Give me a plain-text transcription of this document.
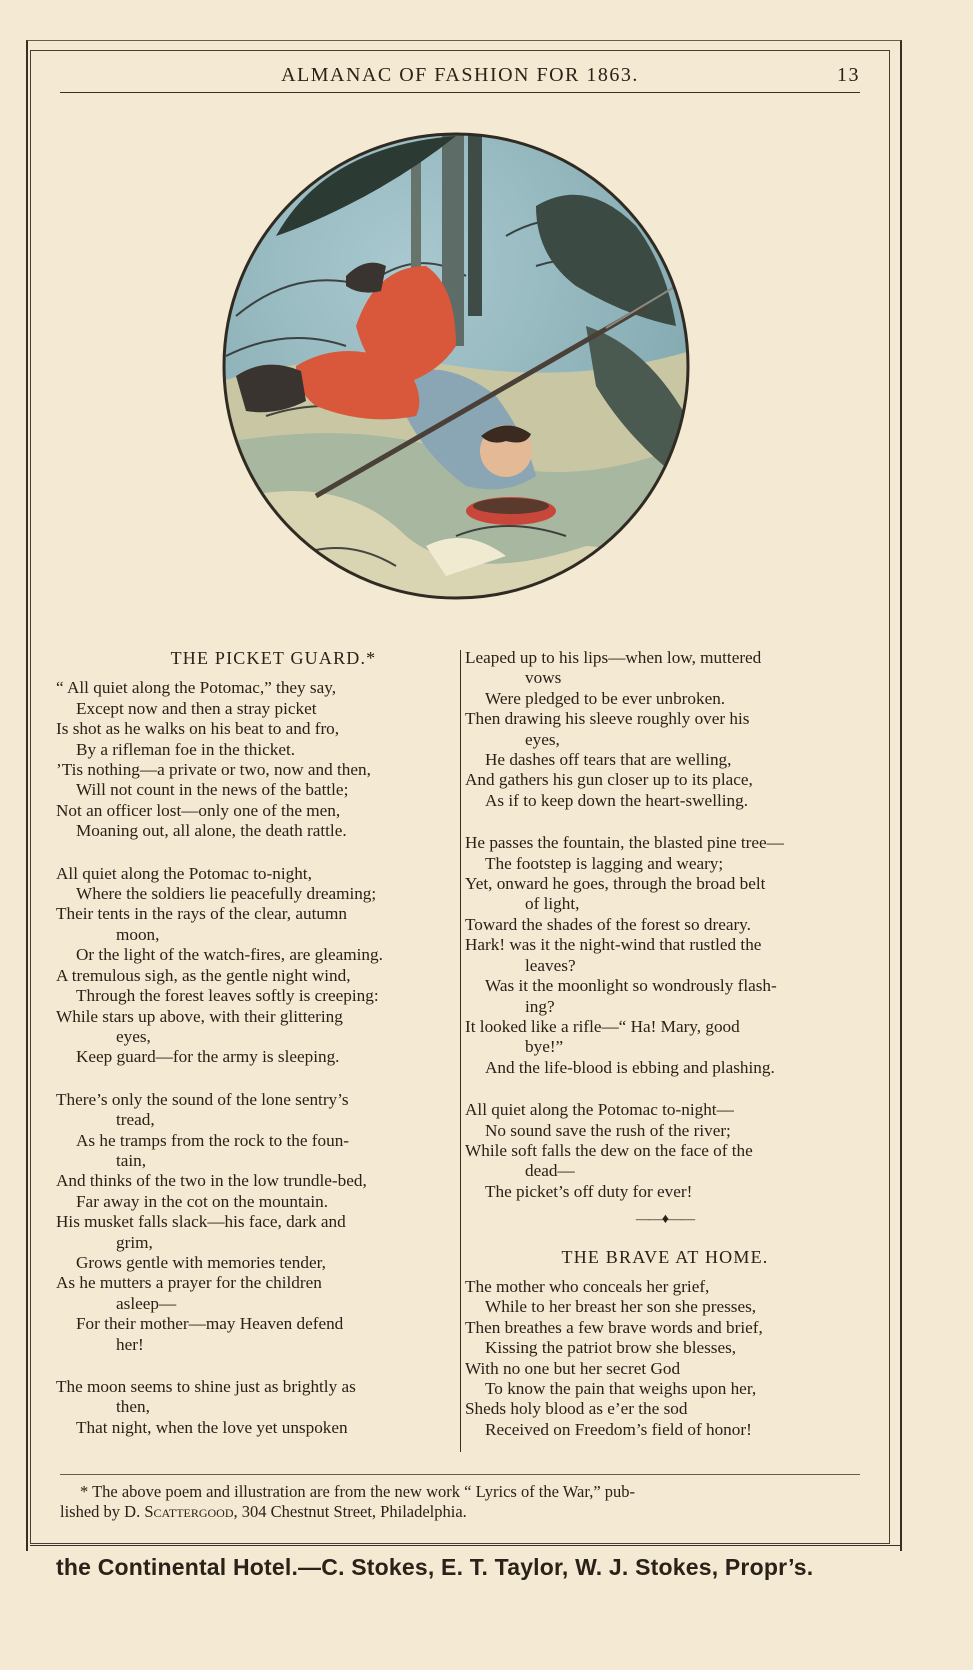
ALMANAC OF FASHION FOR 1863.	13
THE PICKET GUARD.*
“ All quiet along the Potomac,” they say,
Except now and then a stray picket
Is shot as he walks on his beat to and fro,
By a rifleman foe in the thicket.
’Tis nothing—a private or two, now and then,
Will not count in the news of the battle;
Not an officer lost—only one of the men,
Moaning out, all alone, the death rattle.
All quiet along the Potomac to-night,
Where the soldiers lie peacefully dreaming;
Their tents in the rays of the clear, autumn
moon,
Or the light of the watch-fires, are gleaming.
A tremulous sigh, as the gentle night wind,
Through the forest leaves softly is creeping:
While stars up above, with their glittering
eyes,
Keep guard—for the army is sleeping.
There’s only the sound of the lone sentry’s
tread,
As he tramps from the rock to the foun-
tain,
And thinks of the two in the low trundle-bed,
Far away in the cot on the mountain.
His musket falls slack—his face, dark and
grim,
Grows gentle with memories tender,
As he mutters a prayer for the children
asleep—
For their mother—may Heaven defend
her!
The moon seems to shine just as brightly as
then,
That night, when the love yet unspoken
Leaped up to his lips—when low, muttered
vows
Were pledged to be ever unbroken.
Then drawing his sleeve roughly over his
eyes,
He dashes off tears that are welling,
And gathers his gun closer up to its place,
As if to keep down the heart-swelling.
He passes the fountain, the blasted pine tree—
The footstep is lagging and weary;
Yet, onward he goes, through the broad belt
of light,
Toward the shades of the forest so dreary.
Hark! was it the night-wind that rustled the
leaves?
Was it the moonlight so wondrously flash-
ing?
It looked like a rifle—“ Ha! Mary, good
bye!”
And the life-blood is ebbing and plashing.
All quiet along the Potomac to-night—
No sound save the rush of the river;
While soft falls the dew on the face of the
dead—
The picket’s off duty for ever!
——♦——
THE BRAVE AT HOME.
The mother who conceals her grief,
While to her breast her son she presses,
Then breathes a few brave words and brief,
Kissing the patriot brow she blesses,
With no one but her secret God
To know the pain that weighs upon her,
Sheds holy blood as e’er the sod
Received on Freedom’s field of honor!
* The above poem and illustration are from the new work “ Lyrics of the War,” pub-
lished by D. Scattergood, 304 Chestnut Street, Philadelphia.
the Continental Hotel.—C. Stokes, E. T. Taylor, W. J. Stokes, Propr’s.
